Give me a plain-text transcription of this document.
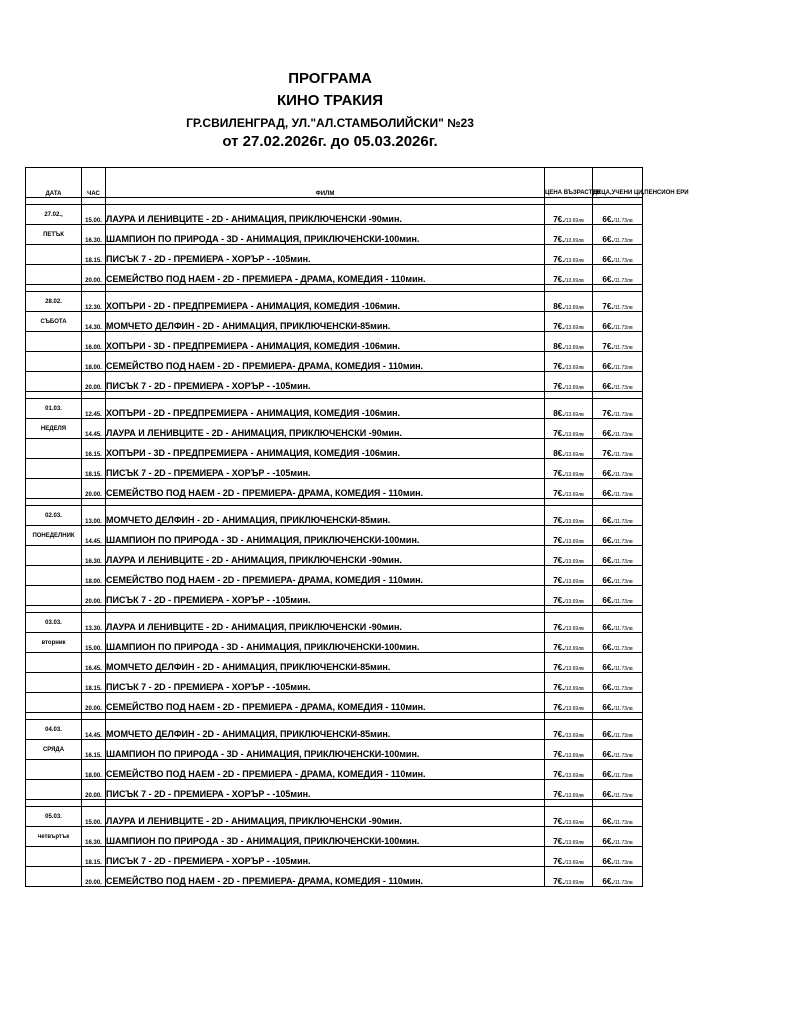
ПРОГРАМА
КИНО ТРАКИЯ
ГР.СВИЛЕНГРАД, УЛ."АЛ.СТАМБОЛИЙСКИ" №23
от 27.02.2026г. до 05.03.2026г.
ДАТА	ЧАС	ФИЛМ	ЦЕНА ВЪЗРАСТЕН	ДЕЦА,УЧЕНИ ЦИ,ПЕНСИОН ЕРИ

27.02.,	15.00.	ЛАУРА И ЛЕНИВЦИТЕ - 2D - АНИМАЦИЯ, ПРИКЛЮЧЕНСКИ -90мин.	7€./13.69лв	6€./11.73лв
ПЕТЪК	16.30.	ШАМПИОН ПО ПРИРОДА - 3D - АНИМАЦИЯ, ПРИКЛЮЧЕНСКИ-100мин.	7€./13.69лв	6€./11.73лв
	18.15.	ПИСЪК 7 - 2D - ПРЕМИЕРА - ХОРЪР - -105мин.	7€./13.69лв	6€./11.73лв
	20.00.	СЕМЕЙСТВО ПОД НАЕМ - 2D - ПРЕМИЕРА - ДРАМА, КОМЕДИЯ - 110мин.	7€./13.69лв	6€./11.73лв

28.02.	12.30.	ХОПЪРИ - 2D - ПРЕДПРЕМИЕРА - АНИМАЦИЯ, КОМЕДИЯ -106мин.	8€./13.69лв	7€./11.73лв
СЪБОТА	14.30.	МОМЧЕТО ДЕЛФИН - 2D - АНИМАЦИЯ, ПРИКЛЮЧЕНСКИ-85мин.	7€./13.69лв	6€./11.73лв
	16.00.	ХОПЪРИ - 3D - ПРЕДПРЕМИЕРА - АНИМАЦИЯ, КОМЕДИЯ -106мин.	8€./13.69лв	7€./11.73лв
	18.00.	СЕМЕЙСТВО ПОД НАЕМ - 2D - ПРЕМИЕРА- ДРАМА, КОМЕДИЯ - 110мин.	7€./13.69лв	6€./11.73лв
	20.00.	ПИСЪК 7 - 2D - ПРЕМИЕРА - ХОРЪР - -105мин.	7€./13.69лв	6€./11.73лв

01.03.	12.45.	ХОПЪРИ - 2D - ПРЕДПРЕМИЕРА - АНИМАЦИЯ, КОМЕДИЯ -106мин.	8€./13.69лв	7€./11.73лв
НЕДЕЛЯ	14.45.	ЛАУРА И ЛЕНИВЦИТЕ - 2D - АНИМАЦИЯ, ПРИКЛЮЧЕНСКИ -90мин.	7€./13.69лв	6€./11.73лв
	16.15.	ХОПЪРИ - 3D - ПРЕДПРЕМИЕРА - АНИМАЦИЯ, КОМЕДИЯ -106мин.	8€./13.69лв	7€./11.73лв
	18.15.	ПИСЪК 7 - 2D - ПРЕМИЕРА - ХОРЪР - -105мин.	7€./13.69лв	6€./11.73лв
	20.00.	СЕМЕЙСТВО ПОД НАЕМ - 2D - ПРЕМИЕРА- ДРАМА, КОМЕДИЯ - 110мин.	7€./13.69лв	6€./11.73лв

02.03.	13.00.	МОМЧЕТО ДЕЛФИН - 2D - АНИМАЦИЯ, ПРИКЛЮЧЕНСКИ-85мин.	7€./13.69лв	6€./11.73лв
ПОНЕДЕЛНИК	14.45.	ШАМПИОН ПО ПРИРОДА - 3D - АНИМАЦИЯ, ПРИКЛЮЧЕНСКИ-100мин.	7€./13.69лв	6€./11.73лв
	16.30.	ЛАУРА И ЛЕНИВЦИТЕ - 2D - АНИМАЦИЯ, ПРИКЛЮЧЕНСКИ -90мин.	7€./13.69лв	6€./11.73лв
	18.00.	СЕМЕЙСТВО ПОД НАЕМ - 2D - ПРЕМИЕРА- ДРАМА, КОМЕДИЯ - 110мин.	7€./13.69лв	6€./11.73лв
	20.00.	ПИСЪК 7 - 2D - ПРЕМИЕРА - ХОРЪР - -105мин.	7€./13.69лв	6€./11.73лв

03.03.	13.30.	ЛАУРА И ЛЕНИВЦИТЕ - 2D - АНИМАЦИЯ, ПРИКЛЮЧЕНСКИ -90мин.	7€./13.69лв	6€./11.73лв
вторник	15.00.	ШАМПИОН ПО ПРИРОДА - 3D - АНИМАЦИЯ, ПРИКЛЮЧЕНСКИ-100мин.	7€./13.69лв	6€./11.73лв
	16.45.	МОМЧЕТО ДЕЛФИН - 2D - АНИМАЦИЯ, ПРИКЛЮЧЕНСКИ-85мин.	7€./13.69лв	6€./11.73лв
	18.15.	ПИСЪК 7 - 2D - ПРЕМИЕРА - ХОРЪР - -105мин.	7€./13.69лв	6€./11.73лв
	20.00.	СЕМЕЙСТВО ПОД НАЕМ - 2D - ПРЕМИЕРА - ДРАМА, КОМЕДИЯ - 110мин.	7€./13.69лв	6€./11.73лв

04.03.	14.45.	МОМЧЕТО ДЕЛФИН - 2D - АНИМАЦИЯ, ПРИКЛЮЧЕНСКИ-85мин.	7€./13.69лв	6€./11.73лв
СРЯДА	16.15.	ШАМПИОН ПО ПРИРОДА - 3D - АНИМАЦИЯ, ПРИКЛЮЧЕНСКИ-100мин.	7€./13.69лв	6€./11.73лв
	18.00.	СЕМЕЙСТВО ПОД НАЕМ - 2D - ПРЕМИЕРА - ДРАМА, КОМЕДИЯ - 110мин.	7€./13.69лв	6€./11.73лв
	20.00.	ПИСЪК 7 - 2D - ПРЕМИЕРА - ХОРЪР - -105мин.	7€./13.69лв	6€./11.73лв

05.03.	15.00.	ЛАУРА И ЛЕНИВЦИТЕ - 2D - АНИМАЦИЯ, ПРИКЛЮЧЕНСКИ -90мин.	7€./13.69лв	6€./11.73лв
четвъртък	16.30.	ШАМПИОН ПО ПРИРОДА - 3D - АНИМАЦИЯ, ПРИКЛЮЧЕНСКИ-100мин.	7€./13.69лв	6€./11.73лв
	18.15.	ПИСЪК 7 - 2D - ПРЕМИЕРА - ХОРЪР - -105мин.	7€./13.69лв	6€./11.73лв
	20.00.	СЕМЕЙСТВО ПОД НАЕМ - 2D - ПРЕМИЕРА- ДРАМА, КОМЕДИЯ - 110мин.	7€./13.69лв	6€./11.73лв
